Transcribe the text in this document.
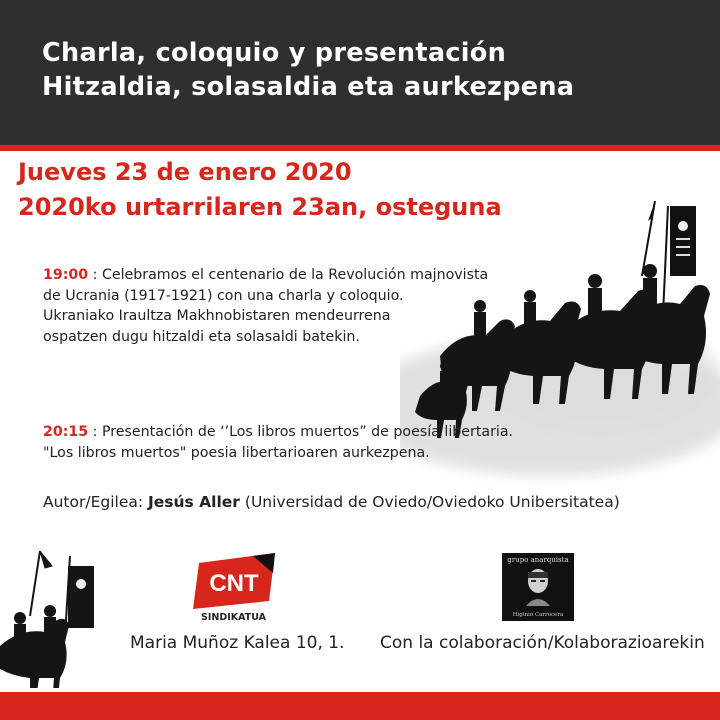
Charla, coloquio y presentación
Hitzaldia, solasaldia eta aurkezpena
Jueves 23 de enero 2020
2020ko urtarrilaren 23an, osteguna
19:00 : Celebramos el centenario de la Revolución majnovista
de Ucrania (1917-1921) con una charla y coloquio.
Ukraniako Iraultza Makhnobistaren mendeurrena
ospatzen dugu hitzaldi eta solasaldi batekin.
20:15 : Presentación de ‘’Los libros muertos” de poesía libertaria.
"Los libros muertos" poesia libertarioaren aurkezpena.
Autor/Egilea: Jesús Aller (Universidad de Oviedo/Oviedoko Unibersitatea)
CNT
SINDIKATUA
Maria Muñoz Kalea 10, 1.
grupo anarquista
Higinio Carrocera
Con la colaboración/Kolaborazioarekin
